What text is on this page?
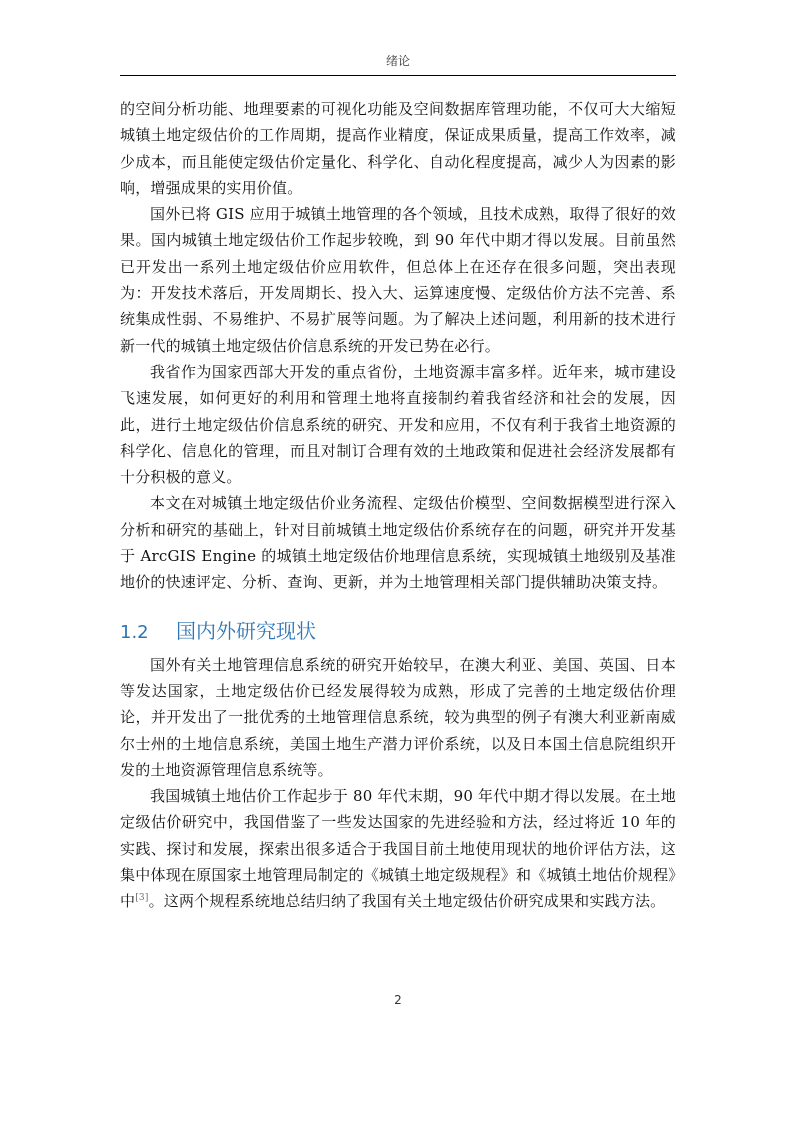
绪论

的空间分析功能、地理要素的可视化功能及空间数据库管理功能，不仅可大大缩短城镇土地定级估价的工作周期，提高作业精度，保证成果质量，提高工作效率，减少成本，而且能使定级估价定量化、科学化、自动化程度提高，减少人为因素的影响，增强成果的实用价值。

国外已将 GIS 应用于城镇土地管理的各个领域，且技术成熟，取得了很好的效果。国内城镇土地定级估价工作起步较晚，到 90 年代中期才得以发展。目前虽然已开发出一系列土地定级估价应用软件，但总体上在还存在很多问题，突出表现为：开发技术落后，开发周期长、投入大、运算速度慢、定级估价方法不完善、系统集成性弱、不易维护、不易扩展等问题。为了解决上述问题，利用新的技术进行新一代的城镇土地定级估价信息系统的开发已势在必行。

我省作为国家西部大开发的重点省份，土地资源丰富多样。近年来，城市建设飞速发展，如何更好的利用和管理土地将直接制约着我省经济和社会的发展，因此，进行土地定级估价信息系统的研究、开发和应用，不仅有利于我省土地资源的科学化、信息化的管理，而且对制订合理有效的土地政策和促进社会经济发展都有十分积极的意义。

本文在对城镇土地定级估价业务流程、定级估价模型、空间数据模型进行深入分析和研究的基础上，针对目前城镇土地定级估价系统存在的问题，研究并开发基于 ArcGIS Engine 的城镇土地定级估价地理信息系统，实现城镇土地级别及基准地价的快速评定、分析、查询、更新，并为土地管理相关部门提供辅助决策支持。

1.2	国内外研究现状

国外有关土地管理信息系统的研究开始较早，在澳大利亚、美国、英国、日本等发达国家，土地定级估价已经发展得较为成熟，形成了完善的土地定级估价理论，并开发出了一批优秀的土地管理信息系统，较为典型的例子有澳大利亚新南威尔士州的土地信息系统，美国土地生产潜力评价系统，以及日本国土信息院组织开发的土地资源管理信息系统等。

我国城镇土地估价工作起步于 80 年代末期，90 年代中期才得以发展。在土地定级估价研究中，我国借鉴了一些发达国家的先进经验和方法，经过将近 10 年的实践、探讨和发展，探索出很多适合于我国目前土地使用现状的地价评估方法，这集中体现在原国家土地管理局制定的《城镇土地定级规程》和《城镇土地估价规程》中[3]。这两个规程系统地总结归纳了我国有关土地定级估价研究成果和实践方法。

2
